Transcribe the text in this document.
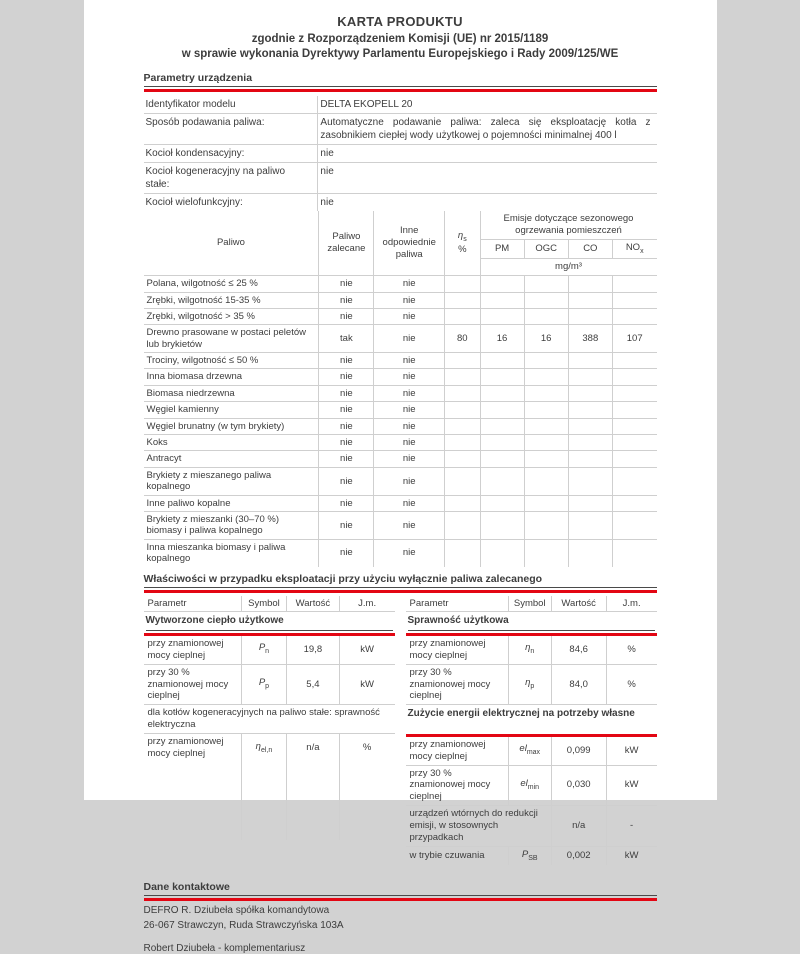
KARTA PRODUKTU
zgodnie z Rozporządzeniem Komisji (UE) nr 2015/1189
w sprawie wykonania Dyrektywy Parlamentu Europejskiego i Rady 2009/125/WE
Parametry urządzenia
Identyfikator modelu	DELTA EKOPELL 20
Sposób podawania paliwa:	Automatyczne podawanie paliwa: zaleca się eksploatację kotła z zasobnikiem ciepłej wody użytkowej o pojemności minimalnej 400 l
Kocioł kondensacyjny:	nie
Kocioł kogeneracyjny na paliwo stałe:	nie
Kocioł wielofunkcyjny:	nie
Paliwo	Paliwo zalecane	Inne odpowiednie paliwa	$\eta_s$
%	Emisje dotyczące sezonowego ogrzewania pomieszczeń			
				PM	OGC	CO	$NO_x$
				mg/m³			
Polana, wilgotność ≤ 25 %	nie	nie					
Zrębki, wilgotność 15-35 %	nie	nie					
Zrębki, wilgotność > 35 %	nie	nie					
Drewno prasowane w postaci peletów lub brykietów	tak	nie	80	16	16	388	107
Trociny, wilgotność ≤ 50 %	nie	nie					
Inna biomasa drzewna	nie	nie					
Biomasa niedrzewna	nie	nie					
Węgiel kamienny	nie	nie					
Węgiel brunatny (w tym brykiety)	nie	nie					
Koks	nie	nie					
Antracyt	nie	nie					
Brykiety z mieszanego paliwa kopalnego	nie	nie					
Inne paliwo kopalne	nie	nie					
Brykiety z mieszanki (30–70 %) biomasy i paliwa kopalnego	nie	nie					
Inna mieszanka biomasy i paliwa kopalnego	nie	nie					
Właściwości w przypadku eksploatacji przy użyciu wyłącznie paliwa zalecanego
Parametr	Symbol	Wartość	J.m.

Wytworzone ciepło użytkowe			

przy znamionowej mocy cieplnej	$P_n$	19,8	kW
przy 30 % znamionowej mocy cieplnej	$P_p$	5,4	kW
dla kotłów kogeneracyjnych na paliwo stałe: sprawność elektryczna			
przy znamionowej mocy cieplnej	$\eta_{el,n}$	n/a	%

Parametr	Symbol	Wartość	J.m.

Sprawność użytkowa			

przy znamionowej mocy cieplnej	$\eta_n$	84,6	%
przy 30 % znamionowej mocy cieplnej	$\eta_p$	84,0	%
Zużycie energii elektrycznej na potrzeby własne			

przy znamionowej mocy cieplnej	$el_{max}$	0,099	kW
przy 30 % znamionowej mocy cieplnej	$el_{min}$	0,030	kW
urządzeń wtórnych do redukcji emisji, w stosownych przypadkach		n/a	-
w trybie czuwania	$P_{SB}$	0,002	kW
Dane kontaktowe
DEFRO R. Dziubeła spółka komandytowa
26-067 Strawczyn, Ruda Strawczyńska 103A
Robert Dziubeła - komplementariusz
